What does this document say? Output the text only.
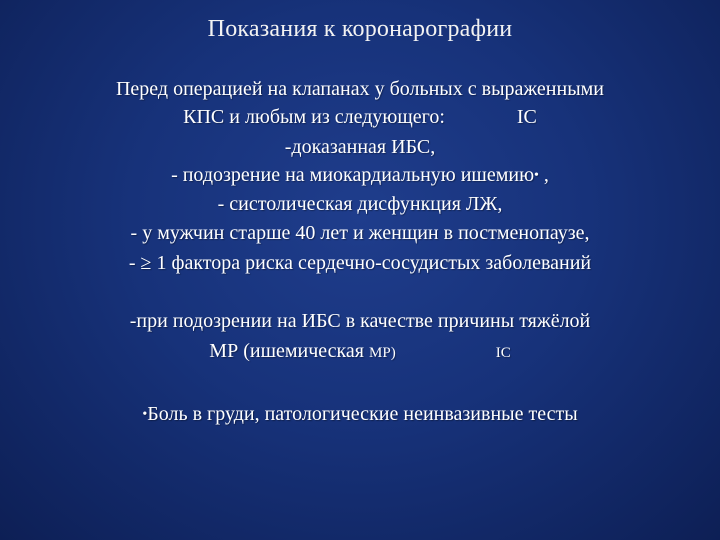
Показания к коронарографии
Перед операцией на клапанах у больных с выраженными
КПС и любым из следующего:	IС
-доказанная ИБС,
- подозрение на миокардиальную ишемию• ,
- систолическая дисфункция ЛЖ,
- у мужчин старше 40 лет и женщин в постменопаузе,
- ≥ 1 фактора риска сердечно-сосудистых заболеваний
-при подозрении на ИБС в качестве причины тяжёлой
МР (ишемическая МР)	IС
•Боль в груди, патологические неинвазивные тесты
